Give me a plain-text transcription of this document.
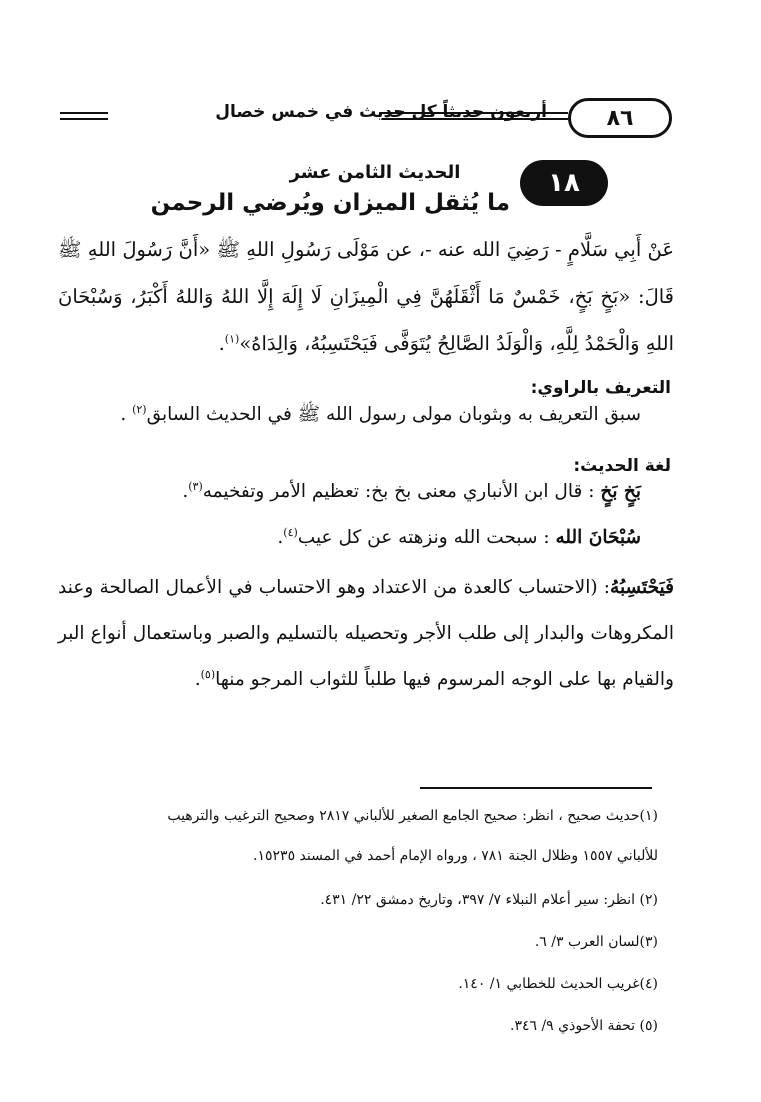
أربعون حديثاً كل حديث في خمس خصال	٨٦
١٨
الحديث الثامن عشر
ما يُثقل الميزان ويُرضي الرحمن

عَنْ أَبِي سَلَّامٍ - رَضِيَ الله عنه -، عن مَوْلَى رَسُولِ اللهِ ﷺ «أَنَّ رَسُولَ اللهِ ﷺ قَالَ: «بَخٍ بَخٍ، خَمْسٌ مَا أَثْقَلَهُنَّ فِي الْمِيزَانِ لَا إِلَهَ إِلَّا اللهُ وَاللهُ أَكْبَرُ، وَسُبْحَانَ اللهِ وَالْحَمْدُ لِلَّهِ، وَالْوَلَدُ الصَّالِحُ يُتَوَفَّى فَيَحْتَسِبُهُ، وَالِدَاهُ»$^{(١)}$.

التعريف بالراوي:
سبق التعريف به وبثوبان مولى رسول الله ﷺ في الحديث السابق$^{(٢)}$ .
لغة الحديث:
بَخٍ بَخٍ : قال ابن الأنباري معنى بخ بخ: تعظيم الأمر وتفخيمه$^{(٣)}$.
سُبْحَانَ الله : سبحت الله ونزهته عن كل عيب$^{(٤)}$.
فَيَحْتَسِبُهُ: (الاحتساب كالعدة من الاعتداد وهو الاحتساب في الأعمال الصالحة وعند المكروهات والبدار إلى طلب الأجر وتحصيله بالتسليم والصبر وباستعمال أنواع البر والقيام بها على الوجه المرسوم فيها طلباً للثواب المرجو منها$^{(٥)}$.
(١)حديث صحيح ، انظر: صحيح الجامع الصغير للألباني ٢٨١٧ وصحيح الترغيب والترهيب
للألباني ١٥٥٧ وظلال الجنة ٧٨١ ، ورواه الإمام أحمد في المسند ١٥٢٣٥.
(٢) انظر: سير أعلام النبلاء ٧/ ٣٩٧، وتاريخ دمشق ٢٢/ ٤٣١.
(٣)لسان العرب ٣/ ٦.
(٤)غريب الحديث للخطابي ١/ ١٤٠.
(٥) تحفة الأحوذي ٩/ ٣٤٦.
